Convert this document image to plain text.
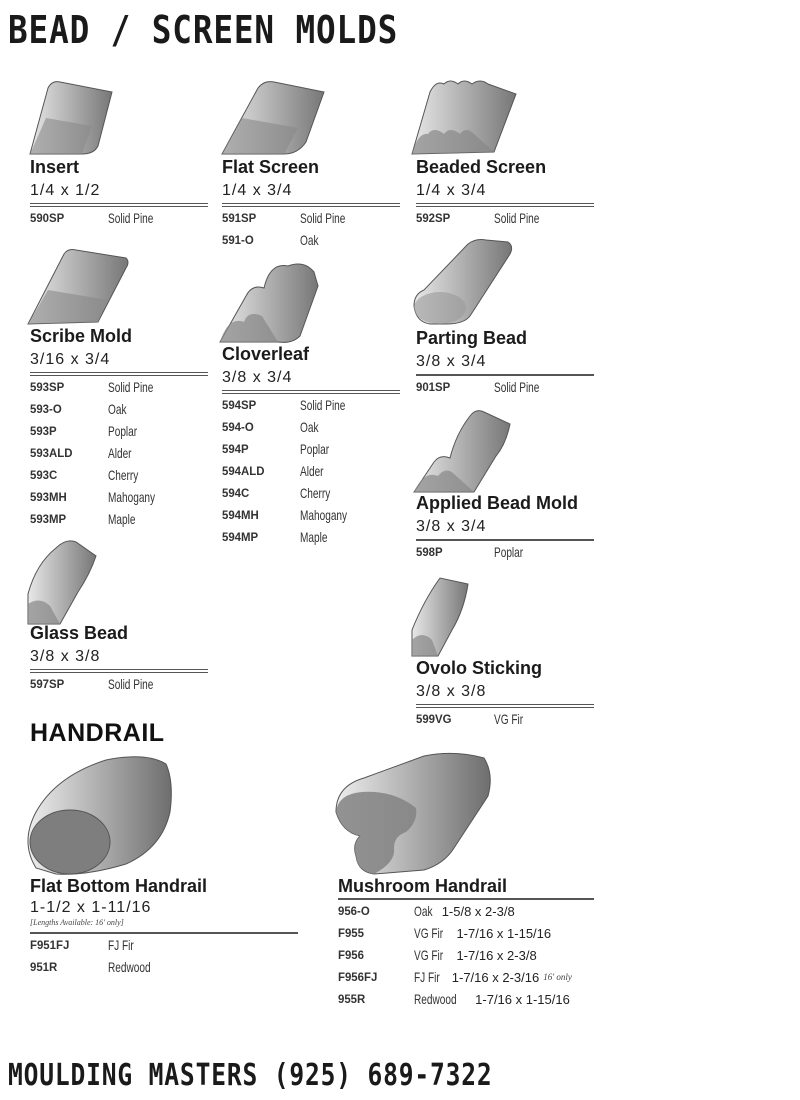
BEAD / SCREEN MOLDS
Insert
1/4 x 1/2
590SP	Solid Pine
Flat Screen
1/4 x 3/4
591SP	Solid Pine
591-O	Oak
Beaded Screen
1/4 x 3/4
592SP	Solid Pine
Scribe Mold
3/16 x 3/4
593SP	Solid Pine
593-O	Oak
593P	Poplar
593ALD	Alder
593C	Cherry
593MH	Mahogany
593MP	Maple
Cloverleaf
3/8 x 3/4
594SP	Solid Pine
594-O	Oak
594P	Poplar
594ALD	Alder
594C	Cherry
594MH	Mahogany
594MP	Maple
Parting Bead
3/8 x 3/4
901SP	Solid Pine
Applied Bead Mold
3/8 x 3/4
598P	Poplar
Glass Bead
3/8 x 3/8
597SP	Solid Pine
Ovolo Sticking
3/8 x 3/8
599VG	VG Fir
HANDRAIL
Flat Bottom Handrail
1-1/2 x 1-11/16
[Lengths Available: 16' only]
F951FJ	FJ Fir
951R	Redwood
Mushroom Handrail
956-O	Oak 1-5/8 x 2-3/8
F955	VG Fir 1-7/16 x 1-15/16
F956	VG Fir 1-7/16 x 2-3/8
F956FJ	FJ Fir 1-7/16 x 2-3/16 16' only
955R	Redwood 1-7/16 x 1-15/16
MOULDING MASTERS (925) 689-7322
